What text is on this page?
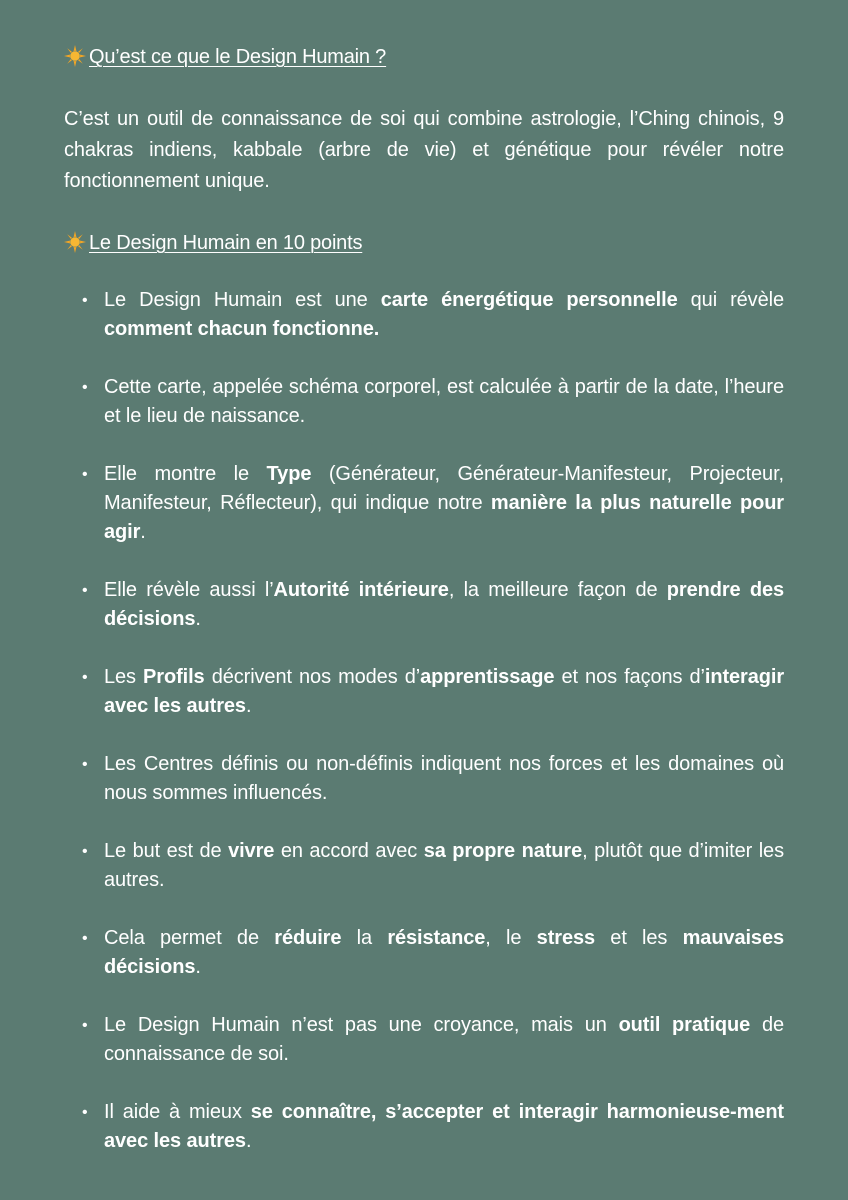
Qu’est ce que le Design Humain ?
C’est un outil de connaissance de soi qui combine astrologie, l’Ching chinois, 9 chakras indiens, kabbale (arbre de vie) et génétique pour révéler notre fonctionnement unique.
Le Design Humain en 10 points
• Le Design Humain est une carte énergétique personnelle qui révèle comment chacun fonctionne.
• Cette carte, appelée schéma corporel, est calculée à partir de la date, l’heure et le lieu de naissance.
• Elle montre le Type (Générateur, Générateur-Manifesteur, Projecteur, Manifesteur, Réflecteur), qui indique notre manière la plus naturelle pour agir.
• Elle révèle aussi l’Autorité intérieure, la meilleure façon de prendre des décisions.
• Les Profils décrivent nos modes d’apprentissage et nos façons d’interagir avec les autres.
• Les Centres définis ou non-définis indiquent nos forces et les domaines où nous sommes influencés.
• Le but est de vivre en accord avec sa propre nature, plutôt que d’imiter les autres.
• Cela permet de réduire la résistance, le stress et les mauvaises décisions.
• Le Design Humain n’est pas une croyance, mais un outil pratique de connaissance de soi.
• Il aide à mieux se connaître, s’accepter et interagir harmonieuse-ment avec les autres.
